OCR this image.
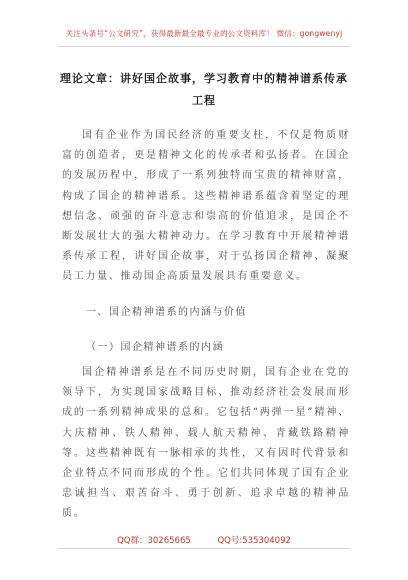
关注头条号“公文研究”，获得最新最全最专业的公文资料库！ 微信：gongwenyj
理论文章：讲好国企故事，学习教育中的精神谱系传承工程

国有企业作为国民经济的重要支柱，不仅是物质财富的创造者，更是精神文化的传承者和弘扬者。在国企的发展历程中，形成了一系列独特而宝贵的精神财富，构成了国企的精神谱系。这些精神谱系蕴含着坚定的理想信念、顽强的奋斗意志和崇高的价值追求，是国企不断发展壮大的强大精神动力。在学习教育中开展精神谱系传承工程，讲好国企故事，对于弘扬国企精神、凝聚员工力量、推动国企高质量发展具有重要意义。

一、国企精神谱系的内涵与价值
（一）国企精神谱系的内涵

国企精神谱系是在不同历史时期，国有企业在党的领导下，为实现国家战略目标、推动经济社会发展而形成的一系列精神成果的总和。它包括“两弹一星”精神、大庆精神、铁人精神、载人航天精神、青藏铁路精神等。这些精神既有一脉相承的共性，又有因时代背景和企业特点不同而形成的个性。它们共同体现了国有企业忠诚担当、艰苦奋斗、勇于创新、追求卓越的精神品质。

QQ群：30265665	QQ号:535304092
